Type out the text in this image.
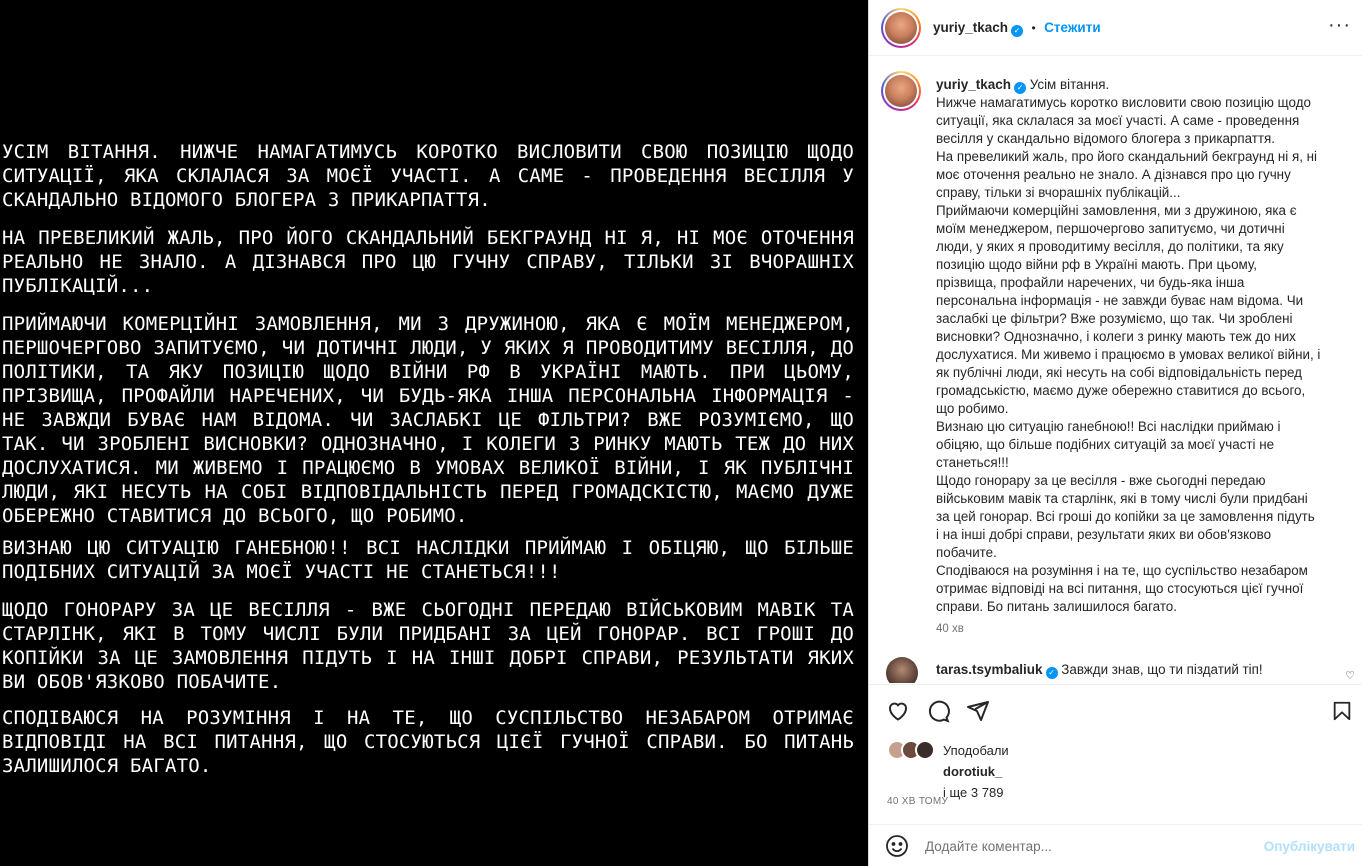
УСІМ ВІТАННЯ. НИЖЧЕ НАМАГАТИМУСЬ КОРОТКО ВИСЛОВИТИ СВОЮ ПОЗИЦІЮ ЩОДО СИТУАЦІЇ, ЯКА СКЛАЛАСЯ ЗА МОЄЇ УЧАСТІ. А САМЕ - ПРОВЕДЕННЯ ВЕСІЛЛЯ У СКАНДАЛЬНО ВІДОМОГО БЛОГЕРА З ПРИКАРПАТТЯ.
НА ПРЕВЕЛИКИЙ ЖАЛЬ, ПРО ЙОГО СКАНДАЛЬНИЙ БЕКГРАУНД НІ Я, НІ МОЄ ОТОЧЕННЯ РЕАЛЬНО НЕ ЗНАЛО. А ДІЗНАВСЯ ПРО ЦЮ ГУЧНУ СПРАВУ, ТІЛЬКИ ЗІ ВЧОРАШНІХ ПУБЛІКАЦІЙ...
ПРИЙМАЮЧИ КОМЕРЦІЙНІ ЗАМОВЛЕННЯ, МИ З ДРУЖИНОЮ, ЯКА Є МОЇМ МЕНЕДЖЕРОМ, ПЕРШОЧЕРГОВО ЗАПИТУЄМО, ЧИ ДОТИЧНІ ЛЮДИ, У ЯКИХ Я ПРОВОДИТИМУ ВЕСІЛЛЯ, ДО ПОЛІТИКИ, ТА ЯКУ ПОЗИЦІЮ ЩОДО ВІЙНИ РФ В УКРАЇНІ МАЮТЬ. ПРИ ЦЬОМУ, ПРІЗВИЩА, ПРОФАЙЛИ НАРЕЧЕНИХ, ЧИ БУДЬ-ЯКА ІНША ПЕРСОНАЛЬНА ІНФОРМАЦІЯ - НЕ ЗАВЖДИ БУВАЄ НАМ ВІДОМА. ЧИ ЗАСЛАБКІ ЦЕ ФІЛЬТРИ? ВЖЕ РОЗУМІЄМО, ЩО ТАК. ЧИ ЗРОБЛЕНІ ВИСНОВКИ? ОДНОЗНАЧНО, І КОЛЕГИ З РИНКУ МАЮТЬ ТЕЖ ДО НИХ ДОСЛУХАТИСЯ. МИ ЖИВЕМО І ПРАЦЮЄМО В УМОВАХ ВЕЛИКОЇ ВІЙНИ, І ЯК ПУБЛІЧНІ ЛЮДИ, ЯКІ НЕСУТЬ НА СОБІ ВІДПОВІДАЛЬНІСТЬ ПЕРЕД ГРОМАДСКІСТЮ, МАЄМО ДУЖЕ ОБЕРЕЖНО СТАВИТИСЯ ДО ВСЬОГО, ЩО РОБИМО.
ВИЗНАЮ ЦЮ СИТУАЦІЮ ГАНЕБНОЮ!! ВСІ НАСЛІДКИ ПРИЙМАЮ І ОБІЦЯЮ, ЩО БІЛЬШЕ ПОДІБНИХ СИТУАЦІЙ ЗА МОЄЇ УЧАСТІ НЕ СТАНЕТЬСЯ!!!
ЩОДО ГОНОРАРУ ЗА ЦЕ ВЕСІЛЛЯ - ВЖЕ СЬОГОДНІ ПЕРЕДАЮ ВІЙСЬКОВИМ МАВІК ТА СТАРЛІНК, ЯКІ В ТОМУ ЧИСЛІ БУЛИ ПРИДБАНІ ЗА ЦЕЙ ГОНОРАР. ВСІ ГРОШІ ДО КОПІЙКИ ЗА ЦЕ ЗАМОВЛЕННЯ ПІДУТЬ І НА ІНШІ ДОБРІ СПРАВИ, РЕЗУЛЬТАТИ ЯКИХ ВИ ОБОВ'ЯЗКОВО ПОБАЧИТЕ.
СПОДІВАЮСЯ НА РОЗУМІННЯ І НА ТЕ, ЩО СУСПІЛЬСТВО НЕЗАБАРОМ ОТРИМАЄ ВІДПОВІДІ НА ВСІ ПИТАННЯ, ЩО СТОСУЮТЬСЯ ЦІЄЇ ГУЧНОЇ СПРАВИ. БО ПИТАНЬ ЗАЛИШИЛОСЯ БАГАТО.
yuriy_tkach ✓ • Стежити	···
yuriy_tkach ✓ Усім вітання.
Нижче намагатимусь коротко висловити свою позицію щодо
ситуації, яка склалася за моєї участі. А саме - проведення
весілля у скандально відомого блогера з прикарпаття.
На превеликий жаль, про його скандальний бекграунд ні я, ні
моє оточення реально не знало. А дізнався про цю гучну
справу, тільки зі вчорашніх публікацій...
Приймаючи комерційні замовлення, ми з дружиною, яка є
моїм менеджером, першочергово запитуємо, чи дотичні
люди, у яких я проводитиму весілля, до політики, та яку
позицію щодо війни рф в Україні мають. При цьому,
прізвища, профайли наречених, чи будь-яка інша
персональна інформація - не завжди буває нам відома. Чи
заслабкі це фільтри? Вже розуміємо, що так. Чи зроблені
висновки? Однозначно, і колеги з ринку мають теж до них
дослухатися. Ми живемо і працюємо в умовах великої війни, і
як публічні люди, які несуть на собі відповідальність перед
громадськістю, маємо дуже обережно ставитися до всього,
що робимо.
Визнаю цю ситуацію ганебною!! Всі наслідки приймаю і
обіцяю, що більше подібних ситуацій за моєї участі не
станеться!!!
Щодо гонорару за це весілля - вже сьогодні передаю
військовим мавік та старлінк, які в тому числі були придбані
за цей гонорар. Всі гроші до копійки за це замовлення підуть
і на інші добрі справи, результати яких ви обов'язково
побачите.
Сподіваюся на розуміння і на те, що суспільство незабаром
отримає відповіді на всі питання, що стосуються цієї гучної
справи. Бо питань залишилося багато.
40 хв
taras.tsymbaliuk ✓ Завжди знав, що ти піздатий тіп!	♡
Уподобали
dorotiuk_
і ще 3 789
40 ХВ ТОМУ
Додайте коментар...
Опублікувати
